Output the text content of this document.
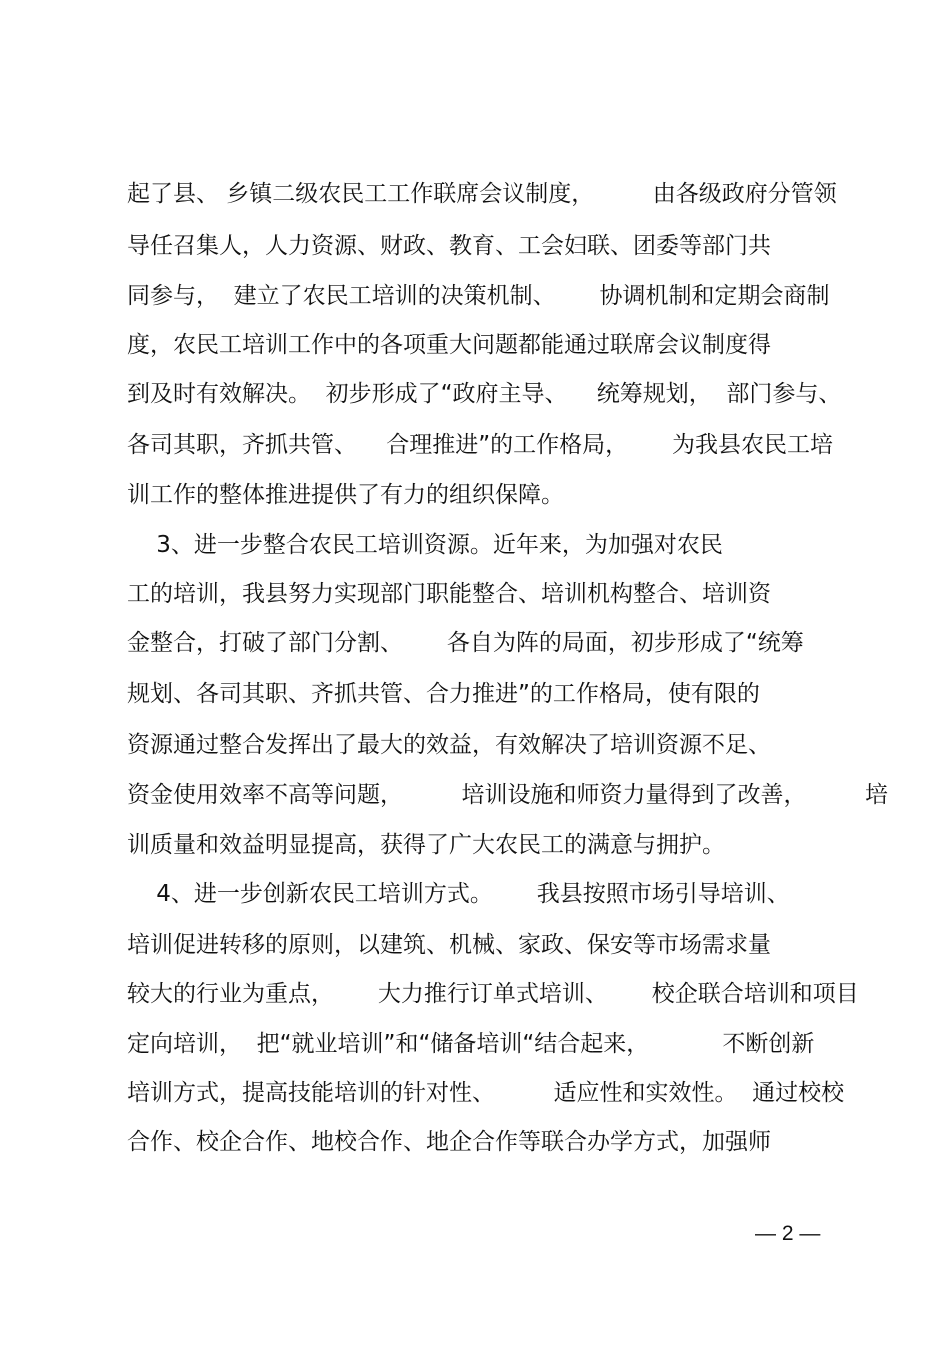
起了县、 乡镇二级农民工工作联席会议制度，        由各级政府分管领
导任召集人，人力资源、财政、教育、工会妇联、团委等部门共
同参与，  建立了农民工培训的决策机制、      协调机制和定期会商制
度，农民工培训工作中的各项重大问题都能通过联席会议制度得
到及时有效解决。  初步形成了“政府主导、    统筹规划，  部门参与、
各司其职，齐抓共管、    合理推进”的工作格局，      为我县农民工培
训工作的整体推进提供了有力的组织保障。
3、进一步整合农民工培训资源。近年来，为加强对农民
工的培训，我县努力实现部门职能整合、培训机构整合、培训资
金整合，打破了部门分割、      各自为阵的局面，初步形成了“统筹
规划、各司其职、齐抓共管、合力推进”的工作格局，使有限的
资源通过整合发挥出了最大的效益，有效解决了培训资源不足、
资金使用效率不高等问题，        培训设施和师资力量得到了改善，        培
训质量和效益明显提高，获得了广大农民工的满意与拥护。
4、进一步创新农民工培训方式。      我县按照市场引导培训、
培训促进转移的原则，以建筑、机械、家政、保安等市场需求量
较大的行业为重点，      大力推行订单式培训、      校企联合培训和项目
定向培训，  把“就业培训”和“储备培训“结合起来，          不断创新
培训方式，提高技能培训的针对性、        适应性和实效性。  通过校校
合作、校企合作、地校合作、地企合作等联合办学方式，加强师
— 2 —
